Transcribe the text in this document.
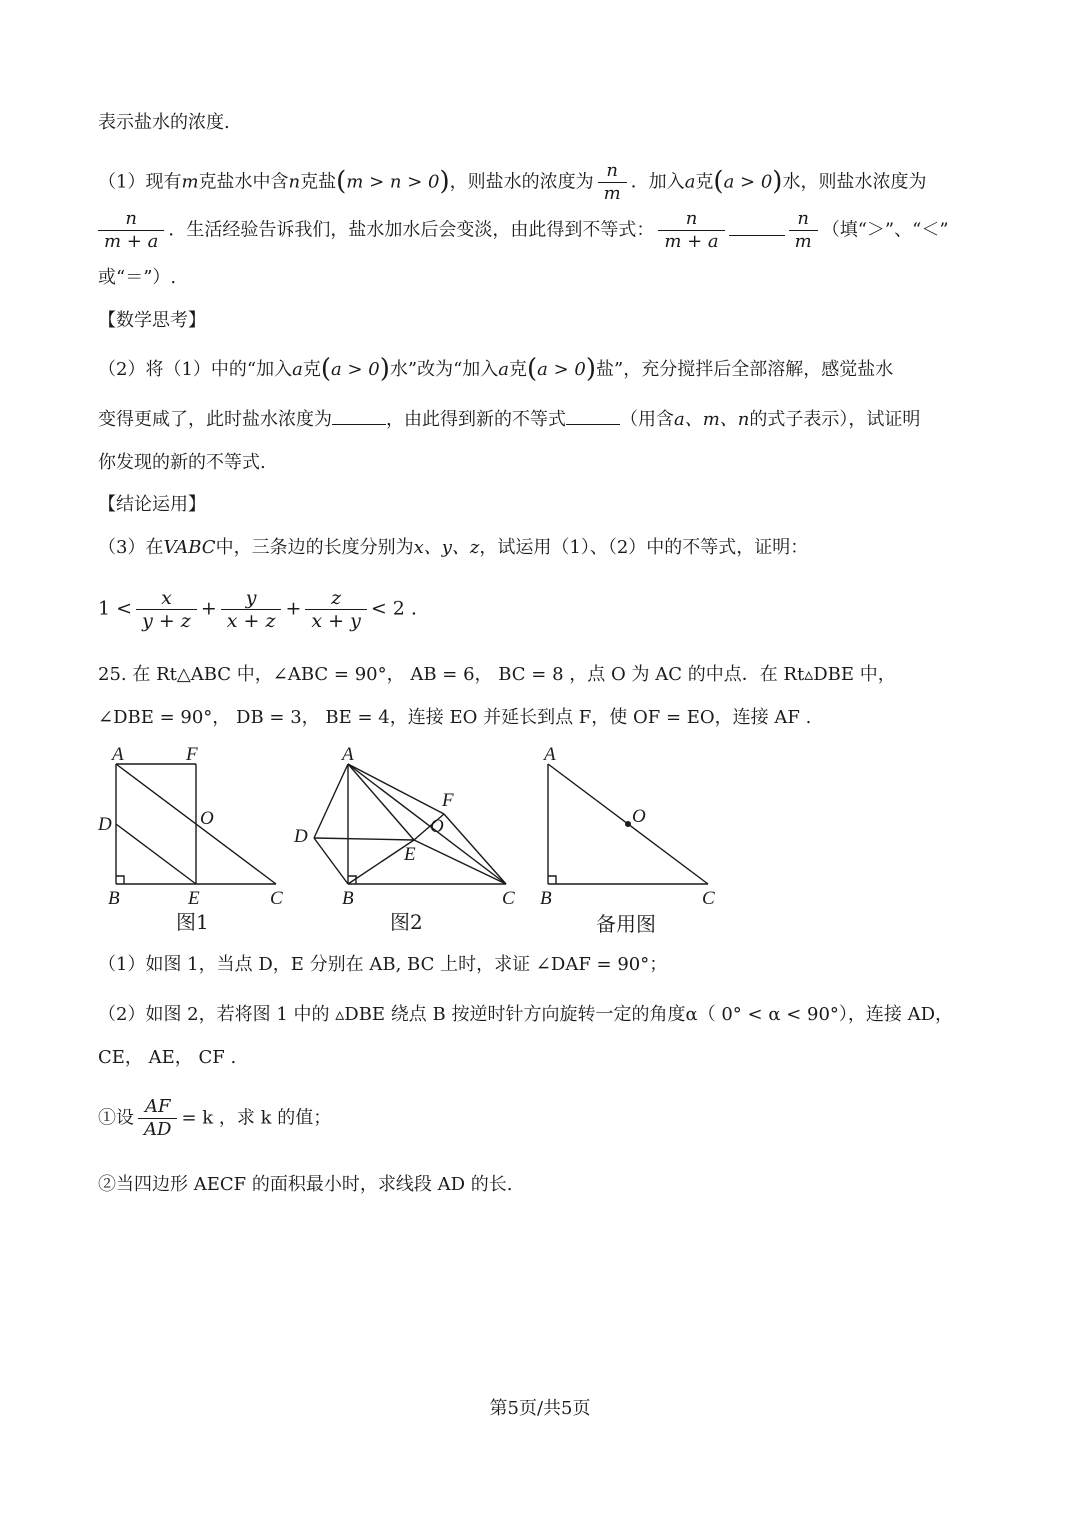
表示盐水的浓度.
（1）现有m克盐水中含n克盐(m > n > 0)，则盐水的浓度为 $\frac{n}{m}$ ．加入a克(a > 0)水，则盐水浓度为
$\frac{n}{m + a}$ ．生活经验告诉我们，盐水加水后会变淡，由此得到不等式： $\frac{n}{m + a}$	$\frac{n}{m}$ （填“＞”、“＜”
或“＝”）.
【数学思考】
（2）将（1）中的“加入a克(a > 0)水”改为“加入a克(a > 0)盐”，充分搅拌后全部溶解，感觉盐水
变得更咸了，此时盐水浓度为	，由此得到新的不等式	（用含a、m、n的式子表示），试证明
你发现的新的不等式.
【结论运用】
（3）在VABC中，三条边的长度分别为x、y、z，试运用（1）、（2）中的不等式，证明：
$1 < \frac{x}{y + z} + \frac{y}{x + z} + \frac{z}{x + y} < 2$ .
25. 在 Rt△ABC 中，∠ABC = 90°， AB = 6， BC = 8 ，点 O 为 AC 的中点．在 Rt▵DBE 中，
∠DBE = 90°， DB = 3， BE = 4，连接 EO 并延长到点 F，使 OF = EO，连接 AF .
A	F
D	O
B	E	C
图1
A
F
D	O
E
B	C
图2
A
O
B	C
备用图
（1）如图 1，当点 D，E 分别在 AB, BC 上时，求证 ∠DAF = 90°；
（2）如图 2，若将图 1 中的 ▵DBE 绕点 B 按逆时针方向旋转一定的角度α（ 0° < α < 90°），连接 AD，
CE， AE， CF .
①设 $\frac{AF}{AD} = k$ ，求 k 的值；
②当四边形 AECF 的面积最小时，求线段 AD 的长.
第5页/共5页
